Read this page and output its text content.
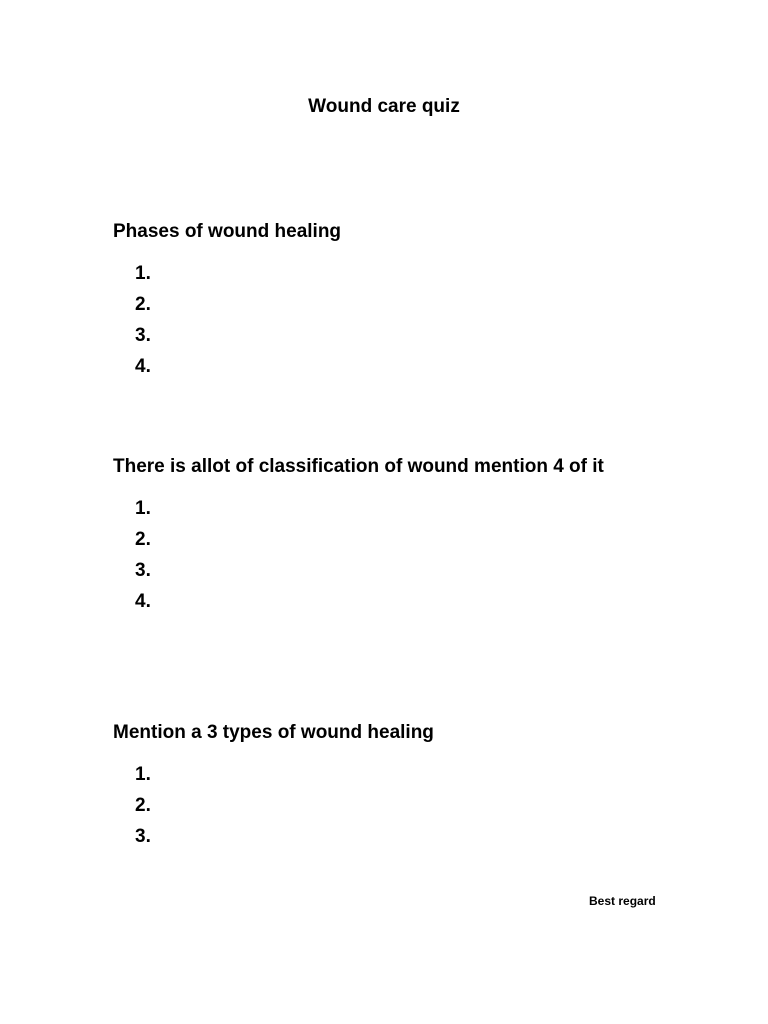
Wound care quiz
Phases of wound healing
1.
2.
3.
4.
There is allot of classification of wound mention 4 of it
1.
2.
3.
4.
Mention a 3 types of wound healing
1.
2.
3.
Best regard
